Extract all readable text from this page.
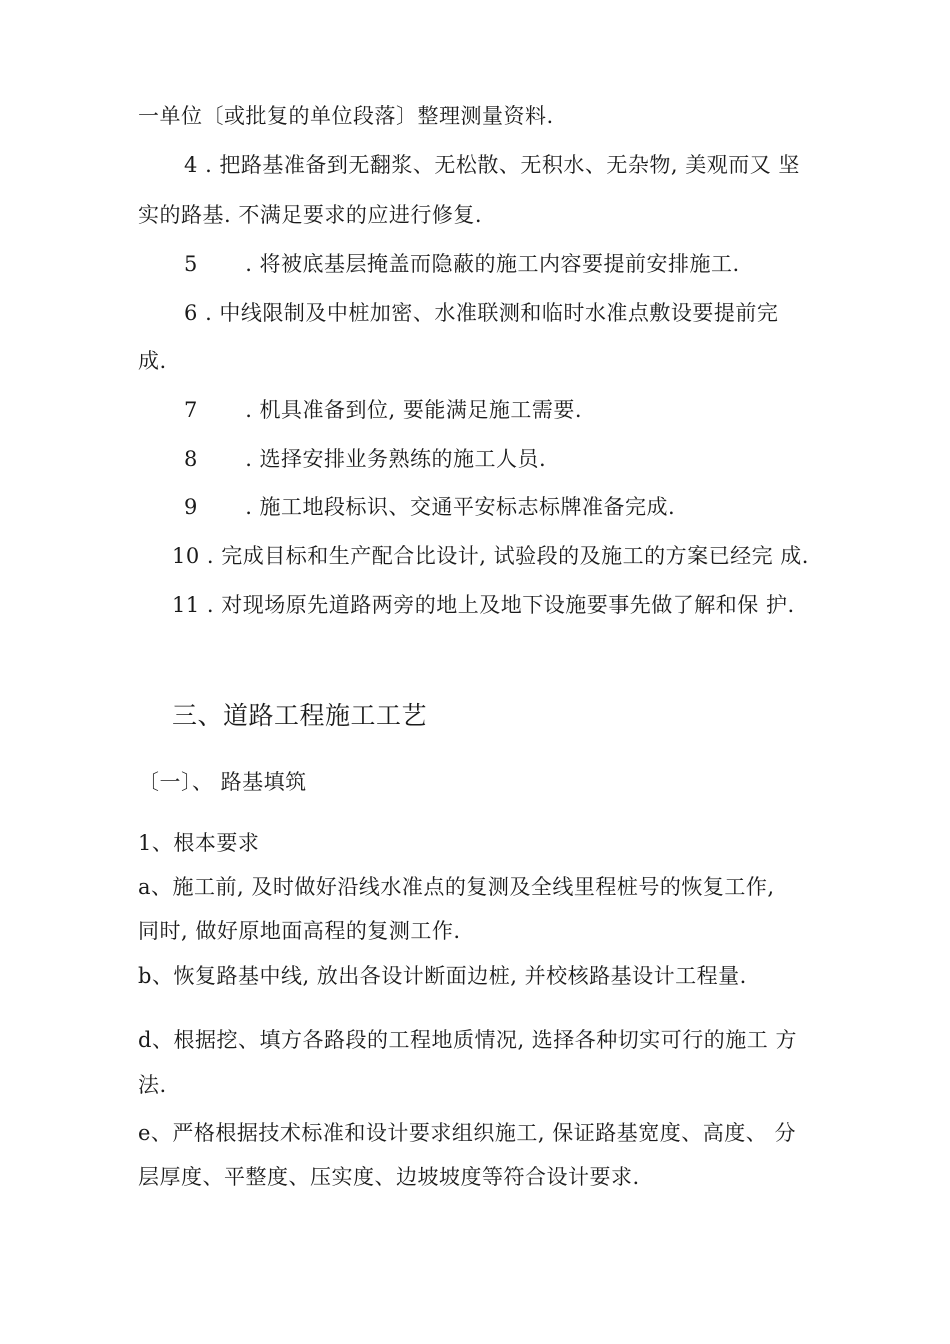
一单位〔或批复的单位段落〕整理测量资料.
4 . 把路基准备到无翻浆、无松散、无积水、无杂物, 美观而又 坚
实的路基. 不满足要求的应进行修复.
5 . 将被底基层掩盖而隐蔽的施工内容要提前安排施工.
6 . 中线限制及中桩加密、水准联测和临时水准点敷设要提前完
成.
7 . 机具准备到位, 要能满足施工需要.
8 . 选择安排业务熟练的施工人员.
9 . 施工地段标识、交通平安标志标牌准备完成.
10 . 完成目标和生产配合比设计, 试验段的及施工的方案已经完 成.
11 . 对现场原先道路两旁的地上及地下设施要事先做了解和保 护.
三、道路工程施工工艺
〔一〕、 路基填筑
1、根本要求
a、施工前, 及时做好沿线水准点的复测及全线里程桩号的恢复工作,
同时, 做好原地面高程的复测工作.
b、恢复路基中线, 放出各设计断面边桩, 并校核路基设计工程量.
d、根据挖、填方各路段的工程地质情况, 选择各种切实可行的施工 方
法.
e、严格根据技术标准和设计要求组织施工, 保证路基宽度、高度、 分
层厚度、平整度、压实度、边坡坡度等符合设计要求.
